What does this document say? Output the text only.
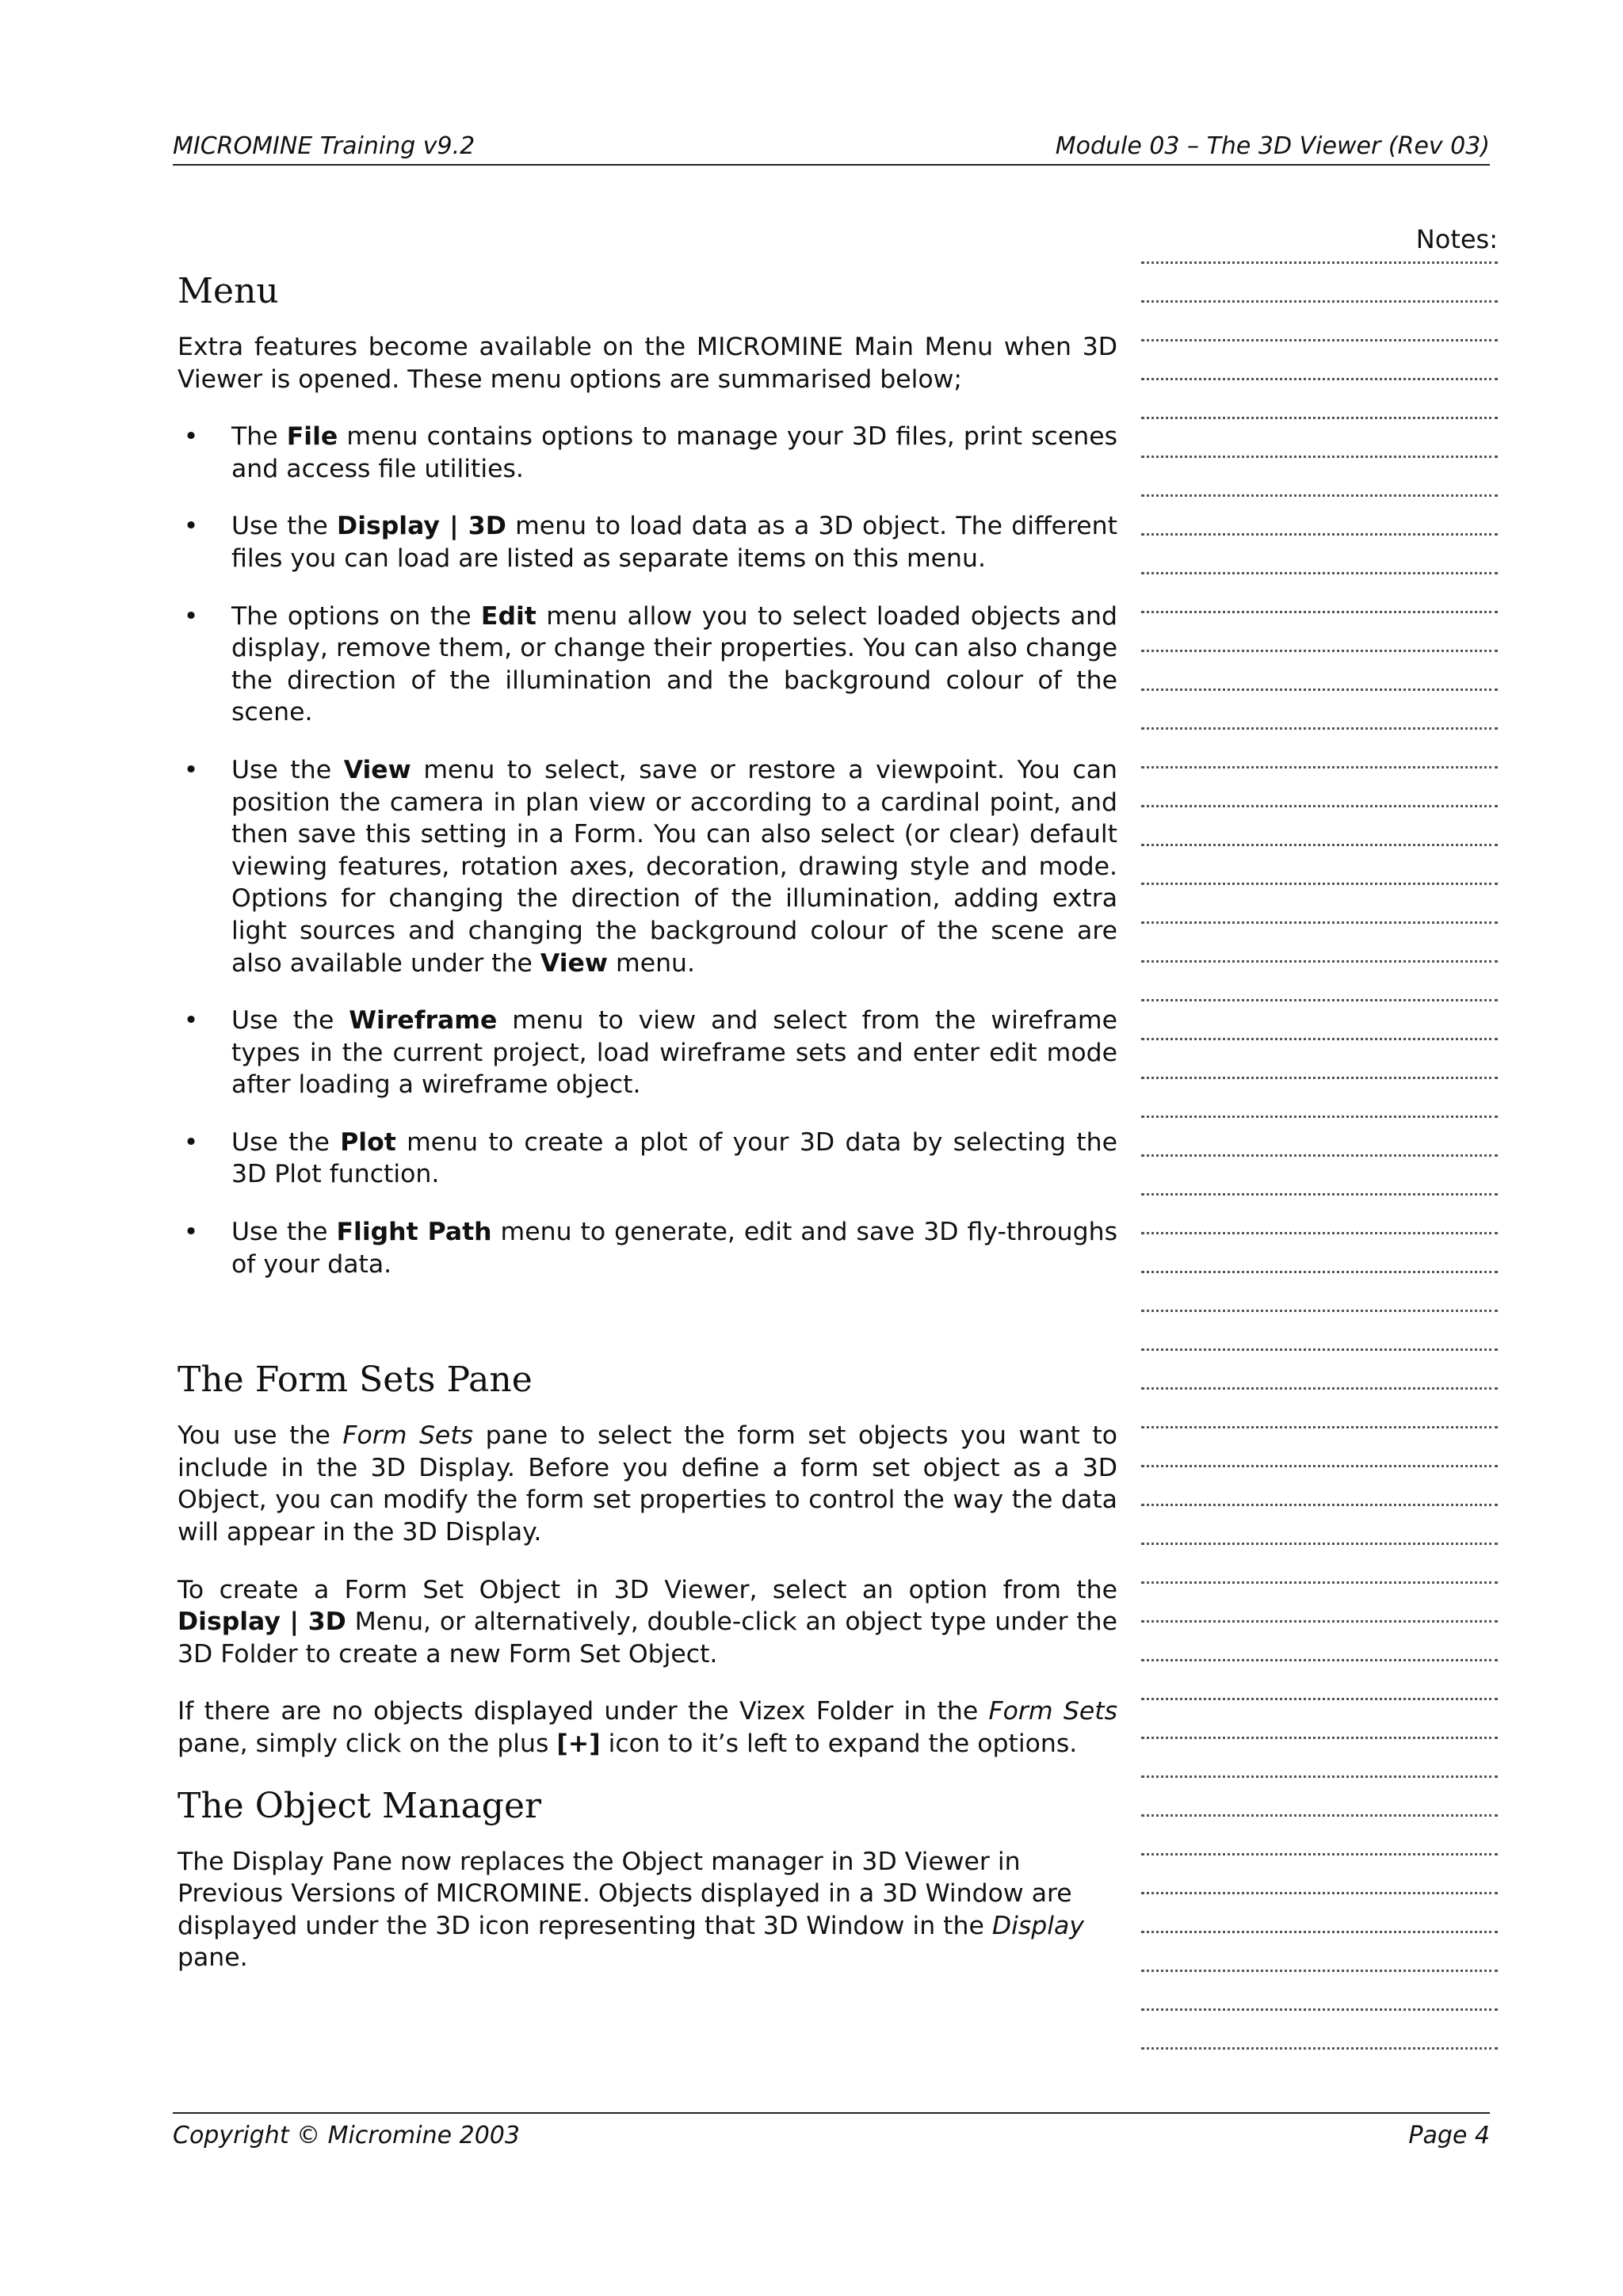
MICROMINE Training v9.2	Module 03 – The 3D Viewer (Rev 03)
Menu

Extra features become available on the MICROMINE Main Menu when 3D Viewer is opened. These menu options are summarised below;

• The File menu contains options to manage your 3D files, print scenes and access file utilities.
• Use the Display | 3D menu to load data as a 3D object. The different files you can load are listed as separate items on this menu.
• The options on the Edit menu allow you to select loaded objects and display, remove them, or change their properties. You can also change the direction of the illumination and the background colour of the scene.
• Use the View menu to select, save or restore a viewpoint. You can position the camera in plan view or according to a cardinal point, and then save this setting in a Form. You can also select (or clear) default viewing features, rotation axes, decoration, drawing style and mode. Options for changing the direction of the illumination, adding extra light sources and changing the background colour of the scene are also available under the View menu.
• Use the Wireframe menu to view and select from the wireframe types in the current project, load wireframe sets and enter edit mode after loading a wireframe object.
• Use the Plot menu to create a plot of your 3D data by selecting the 3D Plot function.
• Use the Flight Path menu to generate, edit and save 3D fly-throughs of your data.
The Form Sets Pane

You use the Form Sets pane to select the form set objects you want to include in the 3D Display. Before you define a form set object as a 3D Object, you can modify the form set properties to control the way the data will appear in the 3D Display.

To create a Form Set Object in 3D Viewer, select an option from the Display | 3D Menu, or alternatively, double-click an object type under the 3D Folder to create a new Form Set Object.

If there are no objects displayed under the Vizex Folder in the Form Sets pane, simply click on the plus [+] icon to it’s left to expand the options.

The Object Manager

The Display Pane now replaces the Object manager in 3D Viewer in Previous Versions of MICROMINE. Objects displayed in a 3D Window are displayed under the 3D icon representing that 3D Window in the Display pane.

Notes:
Copyright © Micromine 2003	Page 4
